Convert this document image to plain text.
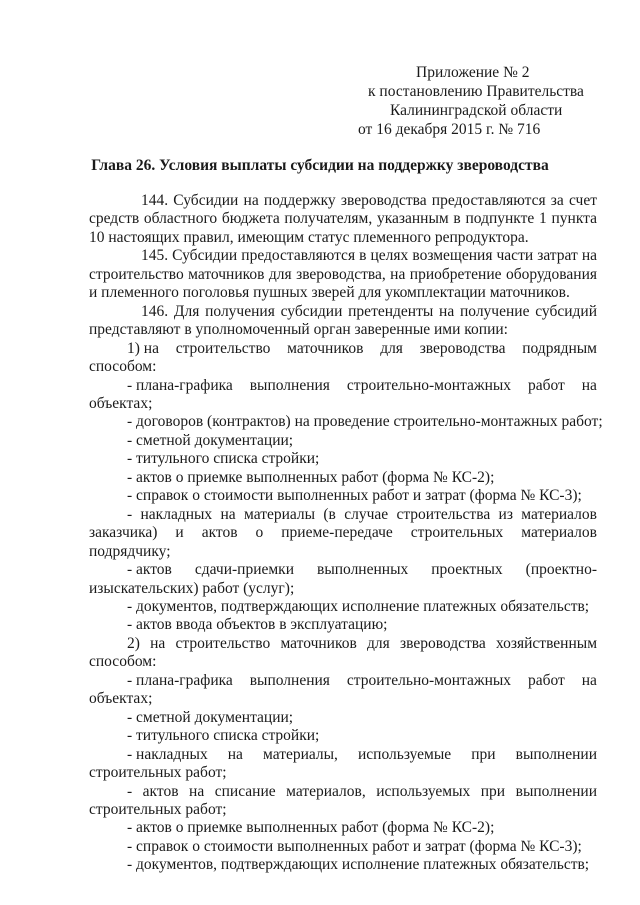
Приложение № 2
к постановлению Правительства
Калининградской области
от 16 декабря 2015 г. № 716
Глава 26. Условия выплаты субсидии на поддержку звероводства

144. Субсидии на поддержку звероводства предоставляются за счет средств областного бюджета получателям, указанным в подпункте 1 пункта 10 настоящих правил, имеющим статус племенного репродуктора.

145. Субсидии предоставляются в целях возмещения части затрат на строительство маточников для звероводства, на приобретение оборудования и племенного поголовья пушных зверей для укомплектации маточников.

146. Для получения субсидии претенденты на получение субсидий представляют в уполномоченный орган заверенные ими копии:

1) на строительство маточников для звероводства подрядным
способом:
- плана-графика выполнения строительно-монтажных работ на
объектах;

- договоров (контрактов) на проведение строительно-монтажных работ;

- сметной документации;

- титульного списка стройки;

- актов о приемке выполненных работ (форма № КС-2);

- справок о стоимости выполненных работ и затрат (форма № КС-3);

- накладных на материалы (в случае строительства из материалов заказчика) и актов о приеме-передаче строительных материалов подрядчику;

- актов сдачи-приемки выполненных проектных (проектно-
изыскательских) работ (услуг);

- документов, подтверждающих исполнение платежных обязательств;

- актов ввода объектов в эксплуатацию;

2) на строительство маточников для звероводства хозяйственным способом:

- плана-графика выполнения строительно-монтажных работ на
объектах;

- сметной документации;

- титульного списка стройки;

- накладных на материалы, используемые при выполнении
строительных работ;

- актов на списание материалов, используемых при выполнении строительных работ;

- актов о приемке выполненных работ (форма № КС-2);

- справок о стоимости выполненных работ и затрат (форма № КС-3);

- документов, подтверждающих исполнение платежных обязательств;
